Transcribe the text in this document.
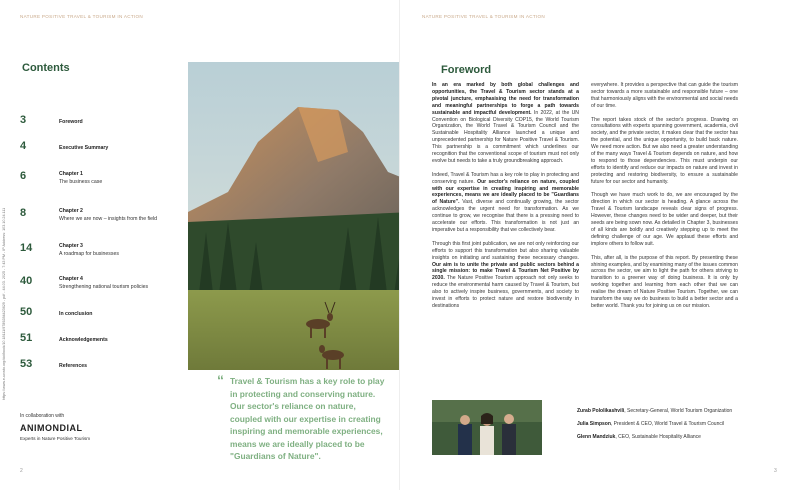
NATURE POSITIVE TRAVEL & TOURISM IN ACTION
https://www.e-unwto.org/doi/book/10.18111/9789284423629 - pdf - 44.03. 2025 - 7:43 PM - IP Address: 103.10.24.111
Contents
3	Foreword
4	Executive Summary
6	Chapter 1
The business case
8	Chapter 2
Where we are now – insights from the field
14	Chapter 3
A roadmap for businesses
40	Chapter 4
Strengthening national tourism policies
50	In conclusion
51	Acknowledgements
53	References
In collaboration with
ANIMONDIAL
Experts in Nature Positive Tourism
“ Travel & Tourism has a key role to play in protecting and conserving nature. Our sector's reliance on nature, coupled with our expertise in creating inspiring and memorable experiences, means we are ideally placed to be "Guardians of Nature".
2
NATURE POSITIVE TRAVEL & TOURISM IN ACTION
3
Foreword

In an era marked by both global challenges and opportunities, the Travel & Tourism sector stands at a pivotal juncture, emphasising the need for transformation and meaningful partnerships to forge a path towards sustainable and impactful development. In 2022, at the UN Convention on Biological Diversity COP15, the World Tourism Organization, the World Travel & Tourism Council and the Sustainable Hospitality Alliance launched a unique and unprecedented partnership for Nature Positive Travel & Tourism. This partnership is a commitment which underlines our recognition that the conventional scope of tourism must not only evolve but needs to take a truly groundbreaking approach.

Indeed, Travel & Tourism has a key role to play in protecting and conserving nature. Our sector's reliance on nature, coupled with our expertise in creating inspiring and memorable experiences, means we are ideally placed to be "Guardians of Nature". Vast, diverse and continually growing, the sector acknowledges the urgent need for transformation. As we continue to grow, we recognise that there is a pressing need to accelerate our efforts. This transformation is not just an imperative but a responsibility that we collectively bear.

Through this first joint publication, we are not only reinforcing our efforts to support this transformation but also sharing valuable insights on initiating and sustaining these necessary changes. Our aim is to unite the private and public sectors behind a single mission: to make Travel & Tourism Net Positive by 2030. The Nature Positive Tourism approach not only seeks to reduce the environmental harm caused by Travel & Tourism, but also to actively inspire business, governments, and society to invest in efforts to protect nature and restore biodiversity in destinations

everywhere. It provides a perspective that can guide the tourism sector towards a more sustainable and responsible future – one that harmoniously aligns with the environmental and social needs of our time.

The report takes stock of the sector's progress. Drawing on consultations with experts spanning government, academia, civil society, and the private sector, it makes clear that the sector has the potential, and the unique opportunity, to build back nature. We need more action. But we also need a greater understanding of the many ways Travel & Tourism depends on nature, and how to respond to those dependencies. This must underpin our efforts to identify and reduce our impacts on nature and invest in protecting and restoring biodiversity, to ensure a sustainable future for our sector and humanity.

Though we have much work to do, we are encouraged by the direction in which our sector is heading. A glance across the Travel & Tourism landscape reveals clear signs of progress. However, these changes need to be wider and deeper, but their seeds are being sown now. As detailed in Chapter 3, businesses of all kinds are boldly and creatively stepping up to meet the defining challenge of our age. We applaud these efforts and implore others to follow suit.

This, after all, is the purpose of this report. By presenting these shining examples, and by examining many of the issues common across the sector, we aim to light the path for others striving to transition to a greener way of doing business. It is only by working together and learning from each other that we can realise the dream of Nature Positive Tourism. Together, we can transform the way we do business to build a better sector and a better world. Thank you for joining us on our mission.

Zurab Pololikashvili, Secretary-General, World Tourism Organization
Julia Simpson, President & CEO, World Travel & Tourism Council
Glenn Mandziuk, CEO, Sustainable Hospitality Alliance
